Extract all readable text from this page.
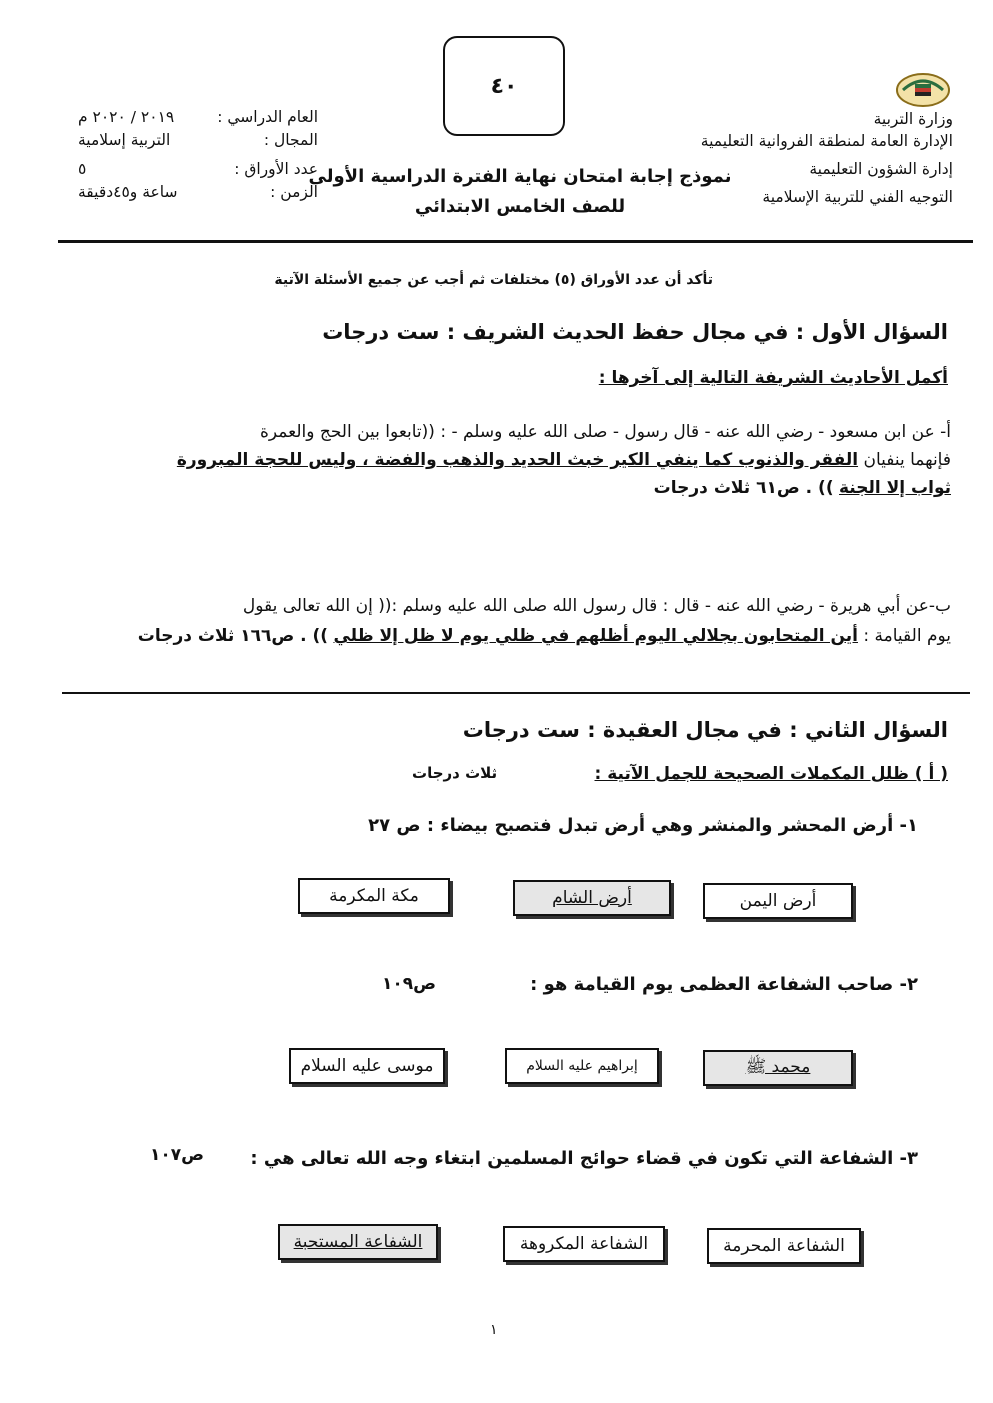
وزارة التربية
الإدارة العامة لمنطقة الفروانية التعليمية
إدارة الشؤون التعليمية
التوجيه الفني للتربية الإسلامية
٤٠
نموذج إجابة امتحان نهاية الفترة الدراسية الأولى
للصف الخامس الابتدائي
العام الدراسي :
٢٠١٩ / ٢٠٢٠ م
المجال :
التربية إسلامية
عدد الأوراق :
٥
الزمن :
ساعة و٤٥دقيقة
تأكد أن عدد الأوراق (٥) مختلفات ثم أجب عن جميع الأسئلة الآتية
السؤال الأول : في مجال حفظ الحديث الشريف : ست درجات
أكمل الأحاديث الشريفة التالية إلى آخرها :
أ- عن ابن مسعود - رضي الله عنه - قال رسول - صلى الله عليه وسلم - : ((تابعوا بين الحج والعمرة
فإنهما ينفيان الفقر والذنوب كما ينفي الكير خبث الحديد والذهب والفضة ، وليس للحجة المبرورة
ثواب إلا الجنة )) . ص٦١ ثلاث درجات
ب-عن أبي هريرة - رضي الله عنه - قال : قال رسول الله صلى الله عليه وسلم :(( إن الله تعالى يقول
يوم القيامة : أين المتحابون بجلالي اليوم أظلهم في ظلي يوم لا ظل إلا ظلي )) . ص١٦٦ ثلاث درجات
السؤال الثاني : في مجال العقيدة : ست درجات
( أ ) ظلل المكملات الصحيحة للجمل الآتية :
ثلاث درجات
١- أرض المحشر والمنشر وهي أرض تبدل فتصبح بيضاء : ص ٢٧
أرض اليمن
أرض الشام
مكة المكرمة
٢- صاحب الشفاعة العظمى يوم القيامة هو :
ص١٠٩
محمد ﷺ
إبراهيم عليه السلام
موسى عليه السلام
٣- الشفاعة التي تكون في قضاء حوائج المسلمين ابتغاء وجه الله تعالى هي :
ص١٠٧
الشفاعة المحرمة
الشفاعة المكروهة
الشفاعة المستحبة
١
